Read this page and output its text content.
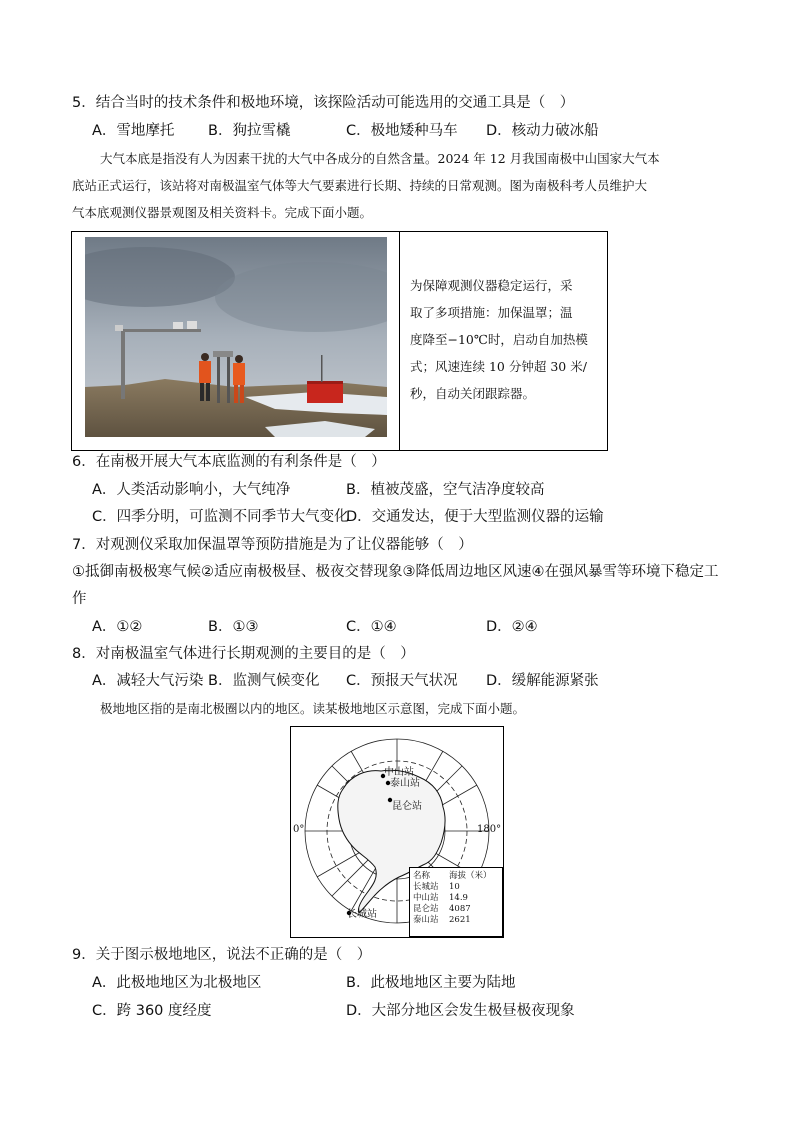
5．结合当时的技术条件和极地环境，该探险活动可能选用的交通工具是（　）
A．雪地摩托 B．狗拉雪橇	C．极地矮种马车 D．核动力破冰船
大气本底是指没有人为因素干扰的大气中各成分的自然含量。2024 年 12 月我国南极中山国家大气本
底站正式运行，该站将对南极温室气体等大气要素进行长期、持续的日常观测。图为南极科考人员维护大
气本底观测仪器景观图及相关资料卡。完成下面小题。
为保障观测仪器稳定运行，采
取了多项措施：加保温罩；温
度降至−10℃时，启动自加热模
式；风速连续 10 分钟超 30 米/
秒，自动关闭跟踪器。
6．在南极开展大气本底监测的有利条件是（　）
A．人类活动影响小，大气纯净	B．植被茂盛，空气洁净度较高
C．四季分明，可监测不同季节大气变化
D．交通发达，便于大型监测仪器的运输
7．对观测仪采取加保温罩等预防措施是为了让仪器能够（　）
①抵御南极极寒气候②适应南极极昼、极夜交替现象③降低周边地区风速④在强风暴雪等环境下稳定工
作
A．①②	B．①③	C．①④	D．②④
8．对南极温室气体进行长期观测的主要目的是（　）
A．减轻大气污染 B．监测气候变化 C．预报天气状况 D．缓解能源紧张
极地地区指的是南北极圈以内的地区。读某极地地区示意图，完成下面小题。
中山站
泰山站
昆仑站
长城站
0°	180°
名称	海拔（米）
长城站	10
中山站	14.9
昆仑站	4087
泰山站	2621
9．关于图示极地地区，说法不正确的是（　）
A．此极地地区为北极地区	B．此极地地区主要为陆地
C．跨 360 度经度	D．大部分地区会发生极昼极夜现象
